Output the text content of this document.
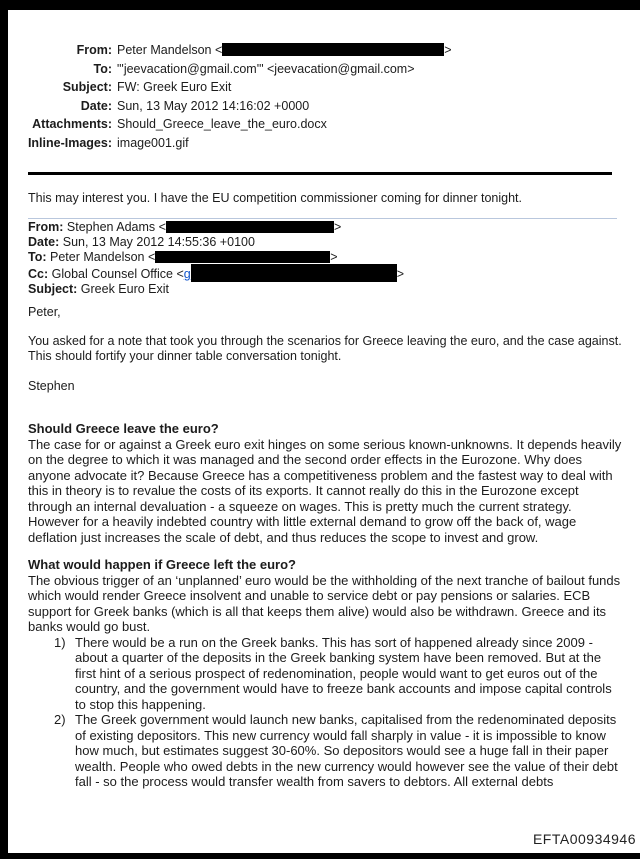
From: Peter Mandelson <	>
To: "'jeevacation@gmail.com'" <jeevacation@gmail.com>
Subject: FW: Greek Euro Exit
Date: Sun, 13 May 2012 14:16:02 +0000
Attachments: Should_Greece_leave_the_euro.docx
Inline-Images: image001.gif
This may interest you. I have the EU competition commissioner coming for dinner tonight.
From: Stephen Adams <	>
Date: Sun, 13 May 2012 14:55:36 +0100
To: Peter Mandelson <	>
Cc: Global Counsel Office <g	>
Subject: Greek Euro Exit
Peter,
You asked for a note that took you through the scenarios for Greece leaving the euro, and the case against. This should fortify your dinner table conversation tonight.
Stephen

Should Greece leave the euro?

The case for or against a Greek euro exit hinges on some serious known-unknowns. It depends heavily on the degree to which it was managed and the second order effects in the Eurozone. Why does anyone advocate it? Because Greece has a competitiveness problem and the fastest way to deal with this in theory is to revalue the costs of its exports. It cannot really do this in the Eurozone except through an internal devaluation - a squeeze on wages. This is pretty much the current strategy. However for a heavily indebted country with little external demand to grow off the back of, wage deflation just increases the scale of debt, and thus reduces the scope to invest and grow.

What would happen if Greece left the euro?

The obvious trigger of an ‘unplanned’ euro would be the withholding of the next tranche of bailout funds which would render Greece insolvent and unable to service debt or pay pensions or salaries. ECB support for Greek banks (which is all that keeps them alive) would also be withdrawn. Greece and its banks would go bust.

1) There would be a run on the Greek banks. This has sort of happened already since 2009 - about a quarter of the deposits in the Greek banking system have been removed. But at the first hint of a serious prospect of redenomination, people would want to get euros out of the country, and the government would have to freeze bank accounts and impose capital controls to stop this happening.
2) The Greek government would launch new banks, capitalised from the redenominated deposits of existing depositors. This new currency would fall sharply in value - it is impossible to know how much, but estimates suggest 30-60%. So depositors would see a huge fall in their paper wealth. People who owed debts in the new currency would however see the value of their debt fall - so the process would transfer wealth from savers to debtors. All external debts
EFTA00934946
